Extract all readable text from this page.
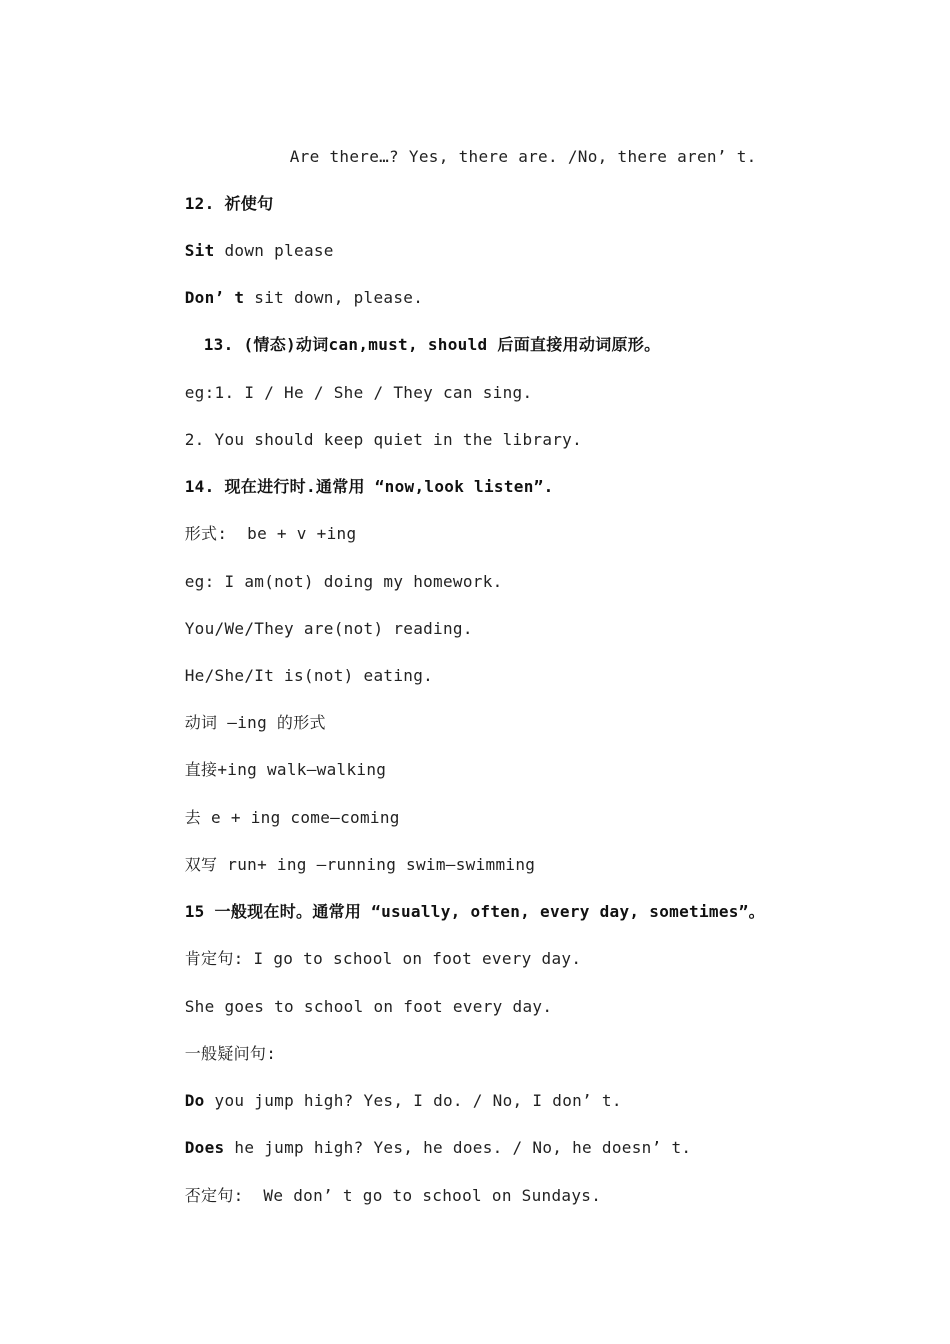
Are there…? Yes, there are. /No, there aren’ t.

12. 祈使句

Sit down please

Don’ t sit down, please.

13. (情态)动词can,must, should 后面直接用动词原形。

eg:1. I / He / She / They can sing.

2. You should keep quiet in the library.

14. 现在进行时.通常用 “now,look listen”.

形式:  be + v +ing

eg: I am(not) doing my homework.

You/We/They are(not) reading.

He/She/It is(not) eating.

动词 —ing 的形式

直接+ing walk—walking

去 e + ing come—coming

双写 run+ ing –running swim—swimming

15 一般现在时。通常用 “usually, often, every day, sometimes”。

肯定句: I go to school on foot every day.

She goes to school on foot every day.

一般疑问句:

Do you jump high? Yes, I do. / No, I don’ t.

Does he jump high? Yes, he does. / No, he doesn’ t.

否定句:  We don’ t go to school on Sundays.
